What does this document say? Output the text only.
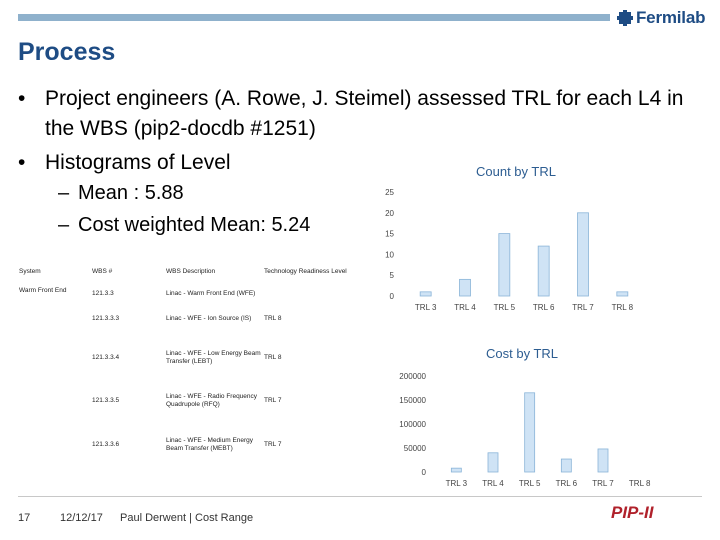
Fermilab
Process
• Project engineers (A. Rowe, J. Steimel) assessed TRL for each L4 in the WBS (pip2-docdb #1251)
• Histograms of Level
– Mean : 5.88
– Cost weighted Mean: 5.24
System	WBS #	WBS Description	Technology Readiness Level
Warm Front End	121.3.3	Linac - Warm Front End (WFE)
121.3.3.3	Linac - WFE - Ion Source (IS) TRL 8
121.3.3.4
Linac - WFE - Low Energy Beam Transfer (LEBT)
TRL 8
121.3.3.5
Linac - WFE - Radio Frequency Quadrupole (RFQ)
TRL 7
121.3.3.6
Linac - WFE - Medium Energy Beam Transfer (MEBT)
TRL 7
Count by TRL
0
5
10
15
20
25
TRL 3 TRL 4 TRL 5 TRL 6 TRL 7 TRL 8
Cost by TRL
0
50000
100000
150000
200000
TRL 3 TRL 4 TRL 5 TRL 6 TRL 7 TRL 8
17	12/12/17 Paul Derwent | Cost Range	PIP-II
